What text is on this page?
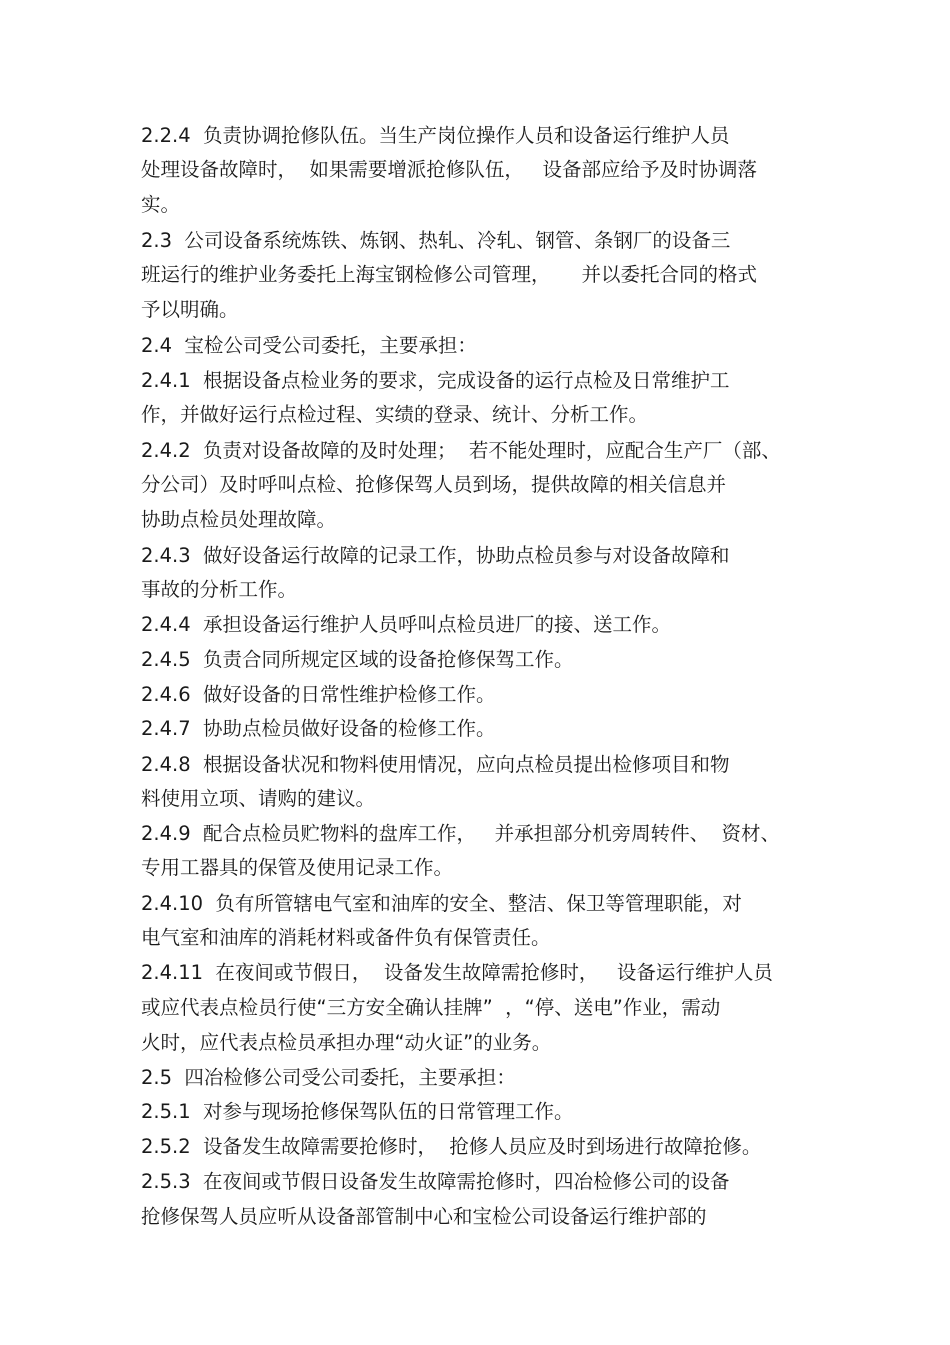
2.2.4  负责协调抢修队伍。当生产岗位操作人员和设备运行维护人员

处理设备故障时，  如果需要增派抢修队伍，   设备部应给予及时协调落

实。

2.3  公司设备系统炼铁、炼钢、热轧、冷轧、钢管、条钢厂的设备三

班运行的维护业务委托上海宝钢检修公司管理，     并以委托合同的格式

予以明确。

2.4  宝检公司受公司委托，主要承担：

2.4.1  根据设备点检业务的要求，完成设备的运行点检及日常维护工

作，并做好运行点检过程、实绩的登录、统计、分析工作。

2.4.2  负责对设备故障的及时处理；  若不能处理时，应配合生产厂（部、

分公司）及时呼叫点检、抢修保驾人员到场，提供故障的相关信息并

协助点检员处理故障。

2.4.3  做好设备运行故障的记录工作，协助点检员参与对设备故障和

事故的分析工作。

2.4.4  承担设备运行维护人员呼叫点检员进厂的接、送工作。

2.4.5  负责合同所规定区域的设备抢修保驾工作。

2.4.6  做好设备的日常性维护检修工作。

2.4.7  协助点检员做好设备的检修工作。

2.4.8  根据设备状况和物料使用情况，应向点检员提出检修项目和物

料使用立项、请购的建议。

2.4.9  配合点检员贮物料的盘库工作，   并承担部分机旁周转件、  资材、

专用工器具的保管及使用记录工作。

2.4.10  负有所管辖电气室和油库的安全、整洁、保卫等管理职能，对

电气室和油库的消耗材料或备件负有保管责任。

2.4.11  在夜间或节假日，  设备发生故障需抢修时，   设备运行维护人员

或应代表点检员行使“三方安全确认挂牌”  ，“停、送电”作业，需动

火时，应代表点检员承担办理“动火证”的业务。

2.5  四冶检修公司受公司委托，主要承担：

2.5.1  对参与现场抢修保驾队伍的日常管理工作。

2.5.2  设备发生故障需要抢修时，  抢修人员应及时到场进行故障抢修。

2.5.3  在夜间或节假日设备发生故障需抢修时，四冶检修公司的设备

抢修保驾人员应听从设备部管制中心和宝检公司设备运行维护部的
